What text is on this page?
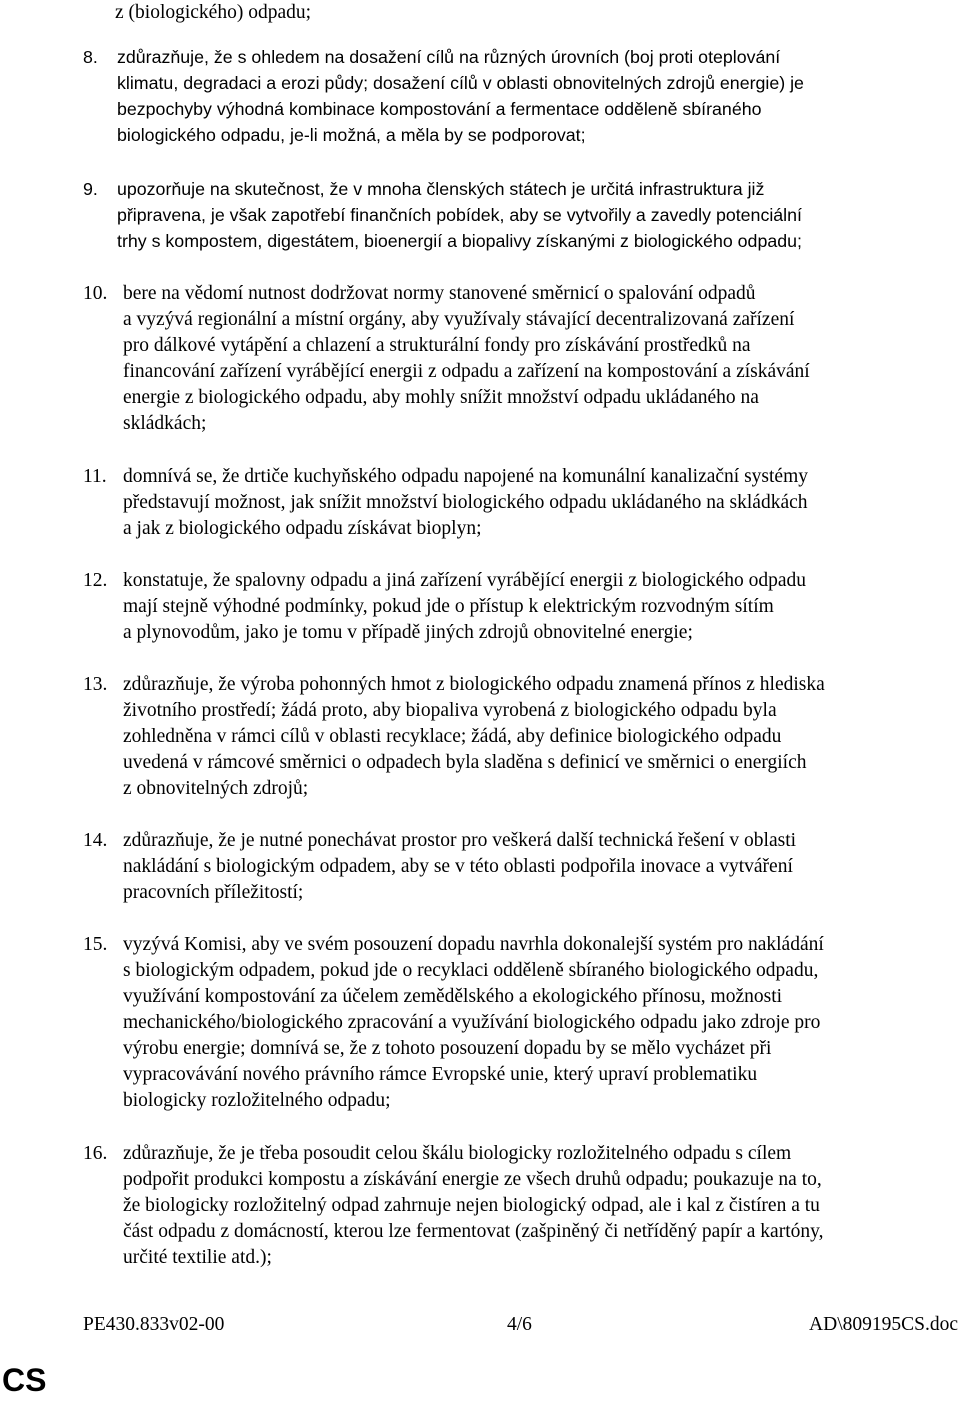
z (biologického) odpadu;
8. zdůrazňuje, že s ohledem na dosažení cílů na různých úrovních (boj proti oteplování
klimatu, degradaci a erozi půdy; dosažení cílů v oblasti obnovitelných zdrojů energie) je
bezpochyby výhodná kombinace kompostování a fermentace odděleně sbíraného
biologického odpadu, je-li možná, a měla by se podporovat;
9. upozorňuje na skutečnost, že v mnoha členských státech je určitá infrastruktura již
připravena, je však zapotřebí finančních pobídek, aby se vytvořily a zavedly potenciální
trhy s kompostem, digestátem, bioenergií a biopalivy získanými z biologického odpadu;
10. bere na vědomí nutnost dodržovat normy stanovené směrnicí o spalování odpadů
a vyzývá regionální a místní orgány, aby využívaly stávající decentralizovaná zařízení
pro dálkové vytápění a chlazení a strukturální fondy pro získávání prostředků na
financování zařízení vyrábějící energii z odpadu a zařízení na kompostování a získávání
energie z biologického odpadu, aby mohly snížit množství odpadu ukládaného na
skládkách;
11. domnívá se, že drtiče kuchyňského odpadu napojené na komunální kanalizační systémy
představují možnost, jak snížit množství biologického odpadu ukládaného na skládkách
a jak z biologického odpadu získávat bioplyn;
12. konstatuje, že spalovny odpadu a jiná zařízení vyrábějící energii z biologického odpadu
mají stejně výhodné podmínky, pokud jde o přístup k elektrickým rozvodným sítím
a plynovodům, jako je tomu v případě jiných zdrojů obnovitelné energie;
13. zdůrazňuje, že výroba pohonných hmot z biologického odpadu znamená přínos z hlediska
životního prostředí; žádá proto, aby biopaliva vyrobená z biologického odpadu byla
zohledněna v rámci cílů v oblasti recyklace; žádá, aby definice biologického odpadu
uvedená v rámcové směrnici o odpadech byla sladěna s definicí ve směrnici o energiích
z obnovitelných zdrojů;
14. zdůrazňuje, že je nutné ponechávat prostor pro veškerá další technická řešení v oblasti
nakládání s biologickým odpadem, aby se v této oblasti podpořila inovace a vytváření
pracovních příležitostí;
15. vyzývá Komisi, aby ve svém posouzení dopadu navrhla dokonalejší systém pro nakládání
s biologickým odpadem, pokud jde o recyklaci odděleně sbíraného biologického odpadu,
využívání kompostování za účelem zemědělského a ekologického přínosu, možnosti
mechanického/biologického zpracování a využívání biologického odpadu jako zdroje pro
výrobu energie; domnívá se, že z tohoto posouzení dopadu by se mělo vycházet při
vypracovávání nového právního rámce Evropské unie, který upraví problematiku
biologicky rozložitelného odpadu;
16. zdůrazňuje, že je třeba posoudit celou škálu biologicky rozložitelného odpadu s cílem
podpořit produkci kompostu a získávání energie ze všech druhů odpadu; poukazuje na to,
že biologicky rozložitelný odpad zahrnuje nejen biologický odpad, ale i kal z čistíren a tu
část odpadu z domácností, kterou lze fermentovat (zašpiněný či netříděný papír a kartóny,
určité textilie atd.);
PE430.833v02-00	4/6	AD\809195CS.doc
CS
